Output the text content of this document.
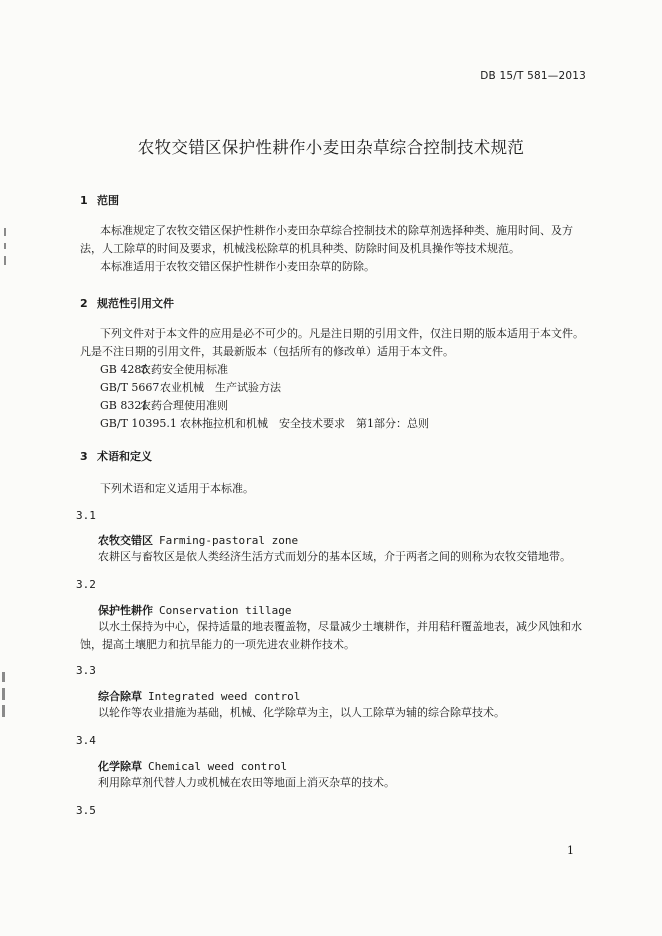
DB 15/T 581—2013
农牧交错区保护性耕作小麦田杂草综合控制技术规范
1 范围
本标准规定了农牧交错区保护性耕作小麦田杂草综合控制技术的除草剂选择种类、施用时间、及方法，人工除草的时间及要求，机械浅松除草的机具种类、防除时间及机具操作等技术规范。
本标准适用于农牧交错区保护性耕作小麦田杂草的防除。
2 规范性引用文件
下列文件对于本文件的应用是必不可少的。凡是注日期的引用文件，仅注日期的版本适用于本文件。凡是不注日期的引用文件，其最新版本（包括所有的修改单）适用于本文件。
GB 4285农药安全使用标准
GB/T 5667农业机械　生产试验方法
GB 8321农药合理使用准则
GB/T 10395.1 农林拖拉机和机械　安全技术要求　第1部分：总则
3 术语和定义
下列术语和定义适用于本标准。
3.1
农牧交错区 Farming-pastoral zone
农耕区与畜牧区是依人类经济生活方式而划分的基本区域，介于两者之间的则称为农牧交错地带。
3.2
保护性耕作 Conservation tillage
以水土保持为中心，保持适量的地表覆盖物，尽量减少土壤耕作，并用秸秆覆盖地表，减少风蚀和水蚀，提高土壤肥力和抗旱能力的一项先进农业耕作技术。
3.3
综合除草 Integrated weed control
以轮作等农业措施为基础，机械、化学除草为主，以人工除草为辅的综合除草技术。
3.4
化学除草 Chemical weed control
利用除草剂代替人力或机械在农田等地面上消灭杂草的技术。
3.5
1
